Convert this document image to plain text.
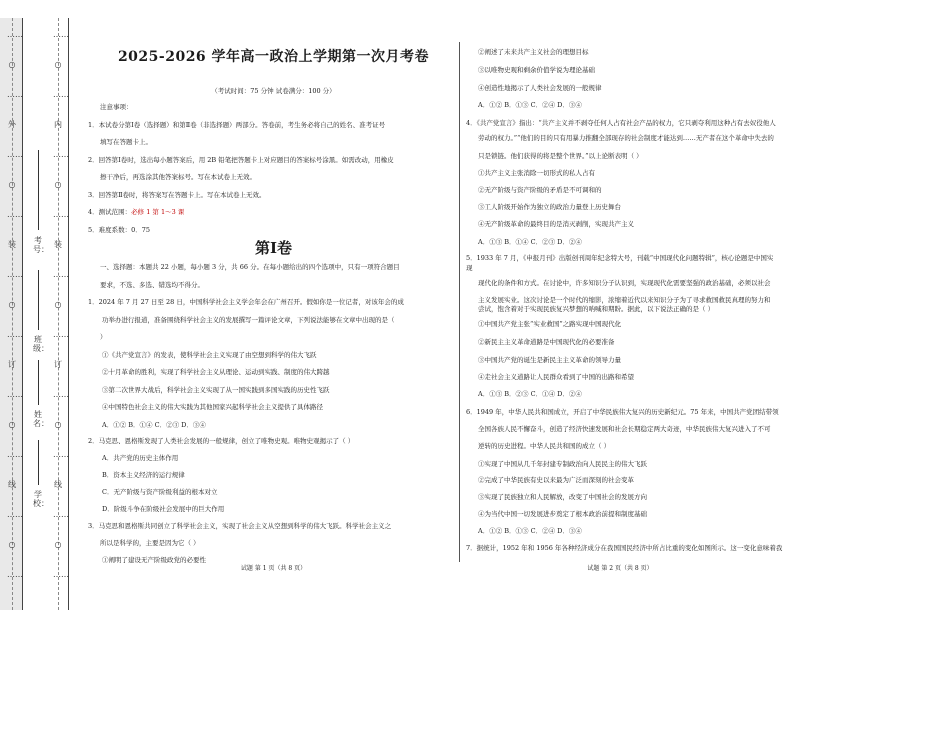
……
○
……
外
……
○
……
装
……
○
……
订
……
○
……
线
……
○
……
……
○
……
内
……
○
……
装
……
○
……
订
……
○
……
线
……
○
……
考号：
班级：
姓名：
学校：
2025-2026 学年高一政治上学期第一次月考卷
（考试时间：75 分钟 试卷满分：100 分）
注意事项：
1．本试卷分第Ⅰ卷（选择题）和第Ⅱ卷（非选择题）两部分。答卷前，考生务必将自己的姓名、准考证号
填写在答题卡上。
2．回答第Ⅰ卷时，选出每小题答案后，用 2B 铅笔把答题卡上对应题目的答案标号涂黑。如需改动，用橡皮
擦干净后，再选涂其他答案标号。写在本试卷上无效。
3．回答第Ⅱ卷时，将答案写在答题卡上。写在本试卷上无效。
4．测试范围：必修 1 第 1～3 课
5．难度系数：0．75
第Ⅰ卷
一、选择题：本题共 22 小题，每小题 3 分，共 66 分。在每小题给出的四个选项中，只有一项符合题目
要求，不选、多选、错选均不得分。
1．2024 年 7 月 27 日至 28 日，中国科学社会主义学会年会在广州召开。假如你是一位记者，对该年会的成
功举办进行报道，准备围绕科学社会主义的发展撰写一篇评论文章，下列说法能够在文章中出现的是（
）
①《共产党宣言》的发表，使科学社会主义实现了由空想到科学的伟大飞跃
②十月革命的胜利，实现了科学社会主义从理论、运动到实践、制度的伟大跨越
③第二次世界大战后，科学社会主义实现了从一国实践到多国实践的历史性飞跃
④中国特色社会主义的伟大实践为其他国家兴起科学社会主义提供了具体路径
A．①② B．①④ C．②③ D．③④
2．马克思、恩格斯发现了人类社会发展的一般规律，创立了唯物史观。唯物史观揭示了（ ）
A．共产党的历史主体作用
B．资本主义经济的运行规律
C．无产阶级与资产阶级利益的根本对立
D．阶级斗争在阶级社会发展中的巨大作用
3．马克思和恩格斯共同创立了科学社会主义，实现了社会主义从空想到科学的伟大飞跃。科学社会主义之
所以是科学的，主要是因为它（ ）
①阐明了建设无产阶级政党的必要性
试题 第 1 页（共 8 页）
②阐述了未来共产主义社会的理想目标
③以唯物史观和剩余价值学说为理论基础
④创造性地揭示了人类社会发展的一般规律
A．①② B．①③ C．②④ D．③④
4．《共产党宣言》指出：“共产主义并不剥夺任何人占有社会产品的权力，它只剥夺利用这种占有去奴役他人
劳动的权力。”“他们的目的只有用暴力推翻全部现存的社会制度才能达到……无产者在这个革命中失去的
只是锁链。他们获得的将是整个世界。”以上论断表明（ ）
①共产主义主张消除一切形式的私人占有
②无产阶级与资产阶级的矛盾是不可调和的
③工人阶级开始作为独立的政治力量登上历史舞台
④无产阶级革命的最终目的是消灭剥削，实现共产主义
A．①③ B．①④ C．②③ D．②④
5．1933 年 7 月，《申报月刊》出版创刊周年纪念特大号，刊载“中国现代化问题特辑”，核心论题是中国实
现
现代化的条件和方式。在讨论中，许多知识分子认识到，实现现代化需要坚强的政治基础，必须以社会
主义发展实业。这次讨论是一个时代的缩影，浓缩着近代以来知识分子为了寻求救国救民真理的努力和
尝试，饱含着对于实现民族复兴梦想的呐喊和期盼。据此，以下说法正确的是（ ）
①中国共产党主张“实业救国”之路实现中国现代化
②新民主主义革命道路是中国现代化的必要准备
③中国共产党的诞生是新民主主义革命的领导力量
④走社会主义道路让人民群众看到了中国的出路和希望
A．①③ B．②③ C．①④ D．②④
6．1949 年，中华人民共和国成立，开启了中华民族伟大复兴的历史新纪元。75 年来，中国共产党团结带领
全国各族人民不懈奋斗，创造了经济快速发展和社会长期稳定两大奇迹，中华民族伟大复兴进入了不可
逆转的历史进程。中华人民共和国的成立（ ）
①实现了中国从几千年封建专制政治向人民民主的伟大飞跃
②完成了中华民族有史以来最为广泛而深刻的社会变革
③实现了民族独立和人民解放，改变了中国社会的发展方向
④为当代中国一切发展进步奠定了根本政治前提和制度基础
A．①② B．①③ C．②④ D．③④
7．据统计，1952 年和 1956 年各种经济成分在我国国民经济中所占比重的变化如图所示。这一变化意味着我
试题 第 2 页（共 8 页）
